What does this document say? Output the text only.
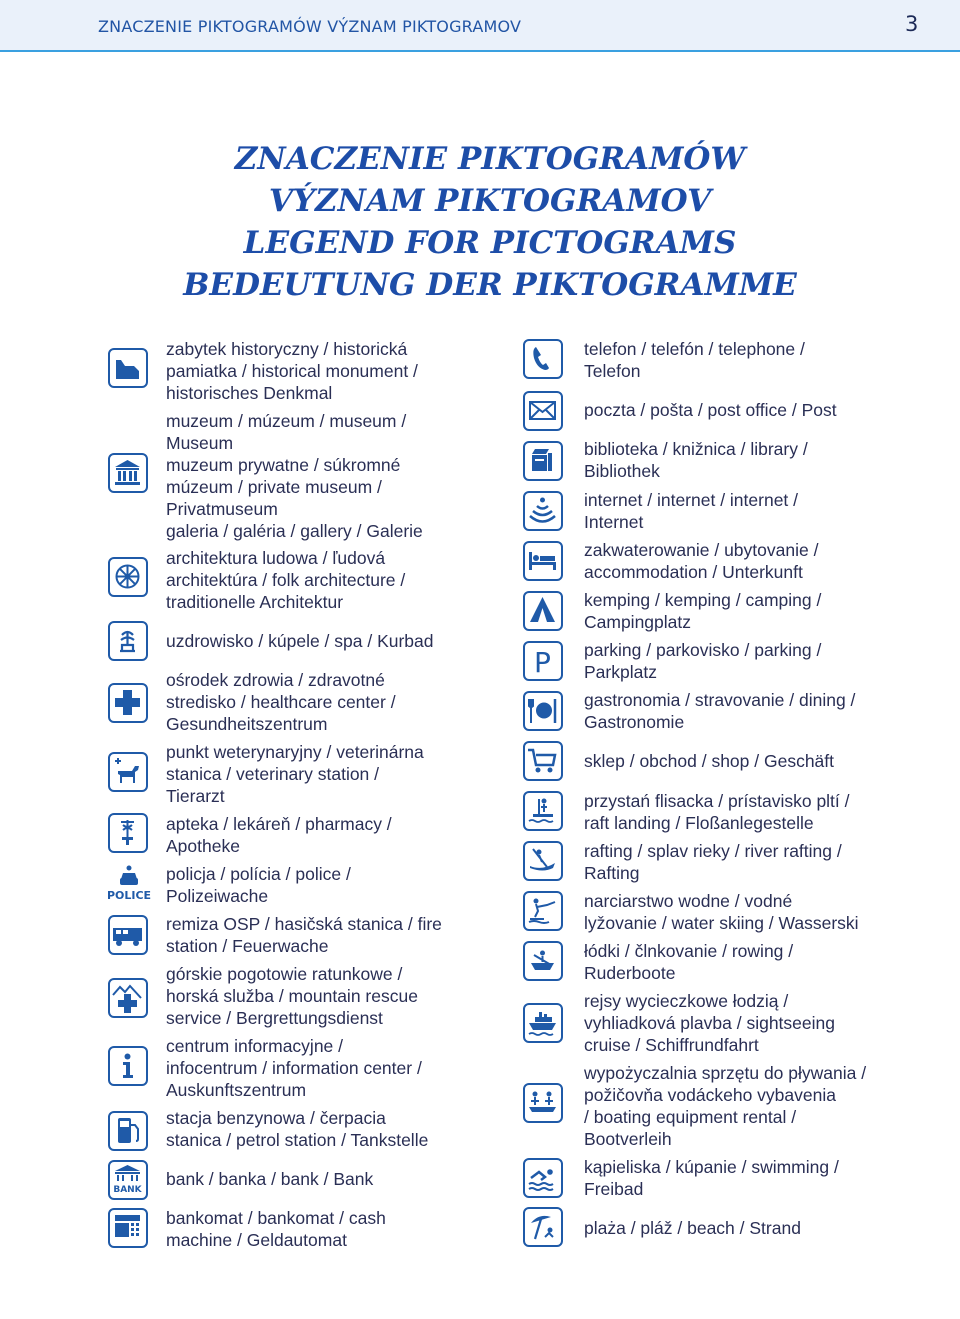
ZNACZENIE PIKTOGRAMÓW VÝZNAM PIKTOGRAMOV	3
ZNACZENIE PIKTOGRAMÓW
VÝZNAM PIKTOGRAMOV
LEGEND FOR PICTOGRAMS
BEDEUTUNG DER PIKTOGRAMME
POLICE
BANK
zabytek historyczny / historická
pamiatka / historical monument /
historisches Denkmal
muzeum / múzeum / museum /
Museum
muzeum prywatne / súkromné
múzeum / private museum /
Privatmuseum
galeria / galéria / gallery / Galerie
architektura ludowa / ľudová
architektúra / folk architecture /
traditionelle Architektur
uzdrowisko / kúpele / spa / Kurbad
ośrodek zdrowia / zdravotné
stredisko / healthcare center /
Gesundheitszentrum
punkt weterynaryjny / veterinárna
stanica / veterinary station /
Tierarzt
apteka / lekáreň / pharmacy /
Apotheke
policja / polícia / police /
Polizeiwache
remiza OSP / hasičská stanica / fire
station / Feuerwache
górskie pogotowie ratunkowe /
horská služba / mountain rescue
service / Bergrettungsdienst
centrum informacyjne /
infocentrum / information center /
Auskunftszentrum
stacja benzynowa / čerpacia
stanica / petrol station / Tankstelle
bank / banka / bank / Bank
bankomat / bankomat / cash
machine / Geldautomat
P
telefon / telefón / telephone /
Telefon
poczta / pošta / post office / Post
biblioteka / knižnica / library /
Bibliothek
internet / internet / internet /
Internet
zakwaterowanie / ubytovanie /
accommodation / Unterkunft
kemping / kemping / camping /
Campingplatz
parking / parkovisko / parking /
Parkplatz
gastronomia / stravovanie / dining /
Gastronomie
sklep / obchod / shop / Geschäft
przystań flisacka / prístavisko pltí /
raft landing / Floßanlegestelle
rafting / splav rieky / river rafting /
Rafting
narciarstwo wodne / vodné
lyžovanie / water skiing / Wasserski
łódki / člnkovanie / rowing /
Ruderboote
rejsy wycieczkowe łodzią /
vyhliadková plavba / sightseeing
cruise / Schiffrundfahrt
wypożyczalnia sprzętu do pływania /
požičovňa vodáckeho vybavenia
/ boating equipment rental /
Bootverleih
kąpieliska / kúpanie / swimming /
Freibad
plaża / pláž / beach / Strand
